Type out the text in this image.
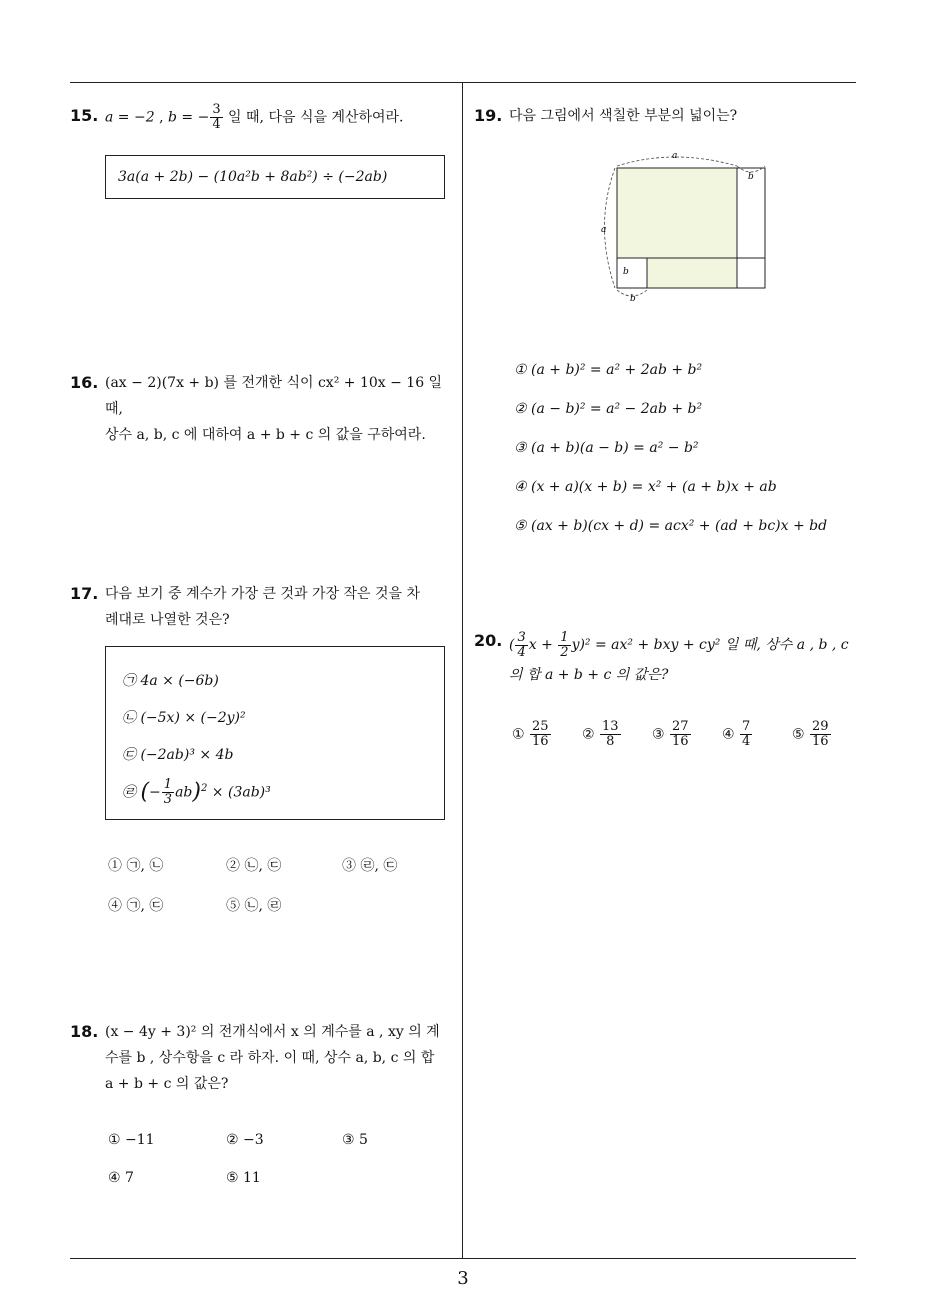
15. a = −2 , b = − $\frac{3}{4}$ 일 때, 다음 식을 계산하여라.
3a(a + 2b) − (10a²b + 8ab²) ÷ (−2ab)
16. (ax − 2)(7x + b) 를 전개한 식이 cx² + 10x − 16 일 때,
상수 a, b, c 에 대하여 a + b + c 의 값을 구하여라.
17. 다음 보기 중 계수가 가장 큰 것과 가장 작은 것을 차
례대로 나열한 것은?
㉠ 4a × (−6b)
㉡ (−5x) × (−2y)²
㉢ (−2ab)³ × 4b
㉣ (− $\frac{1}{3} ab)^2 \times (3ab)^3$
① ㉠, ㉡	② ㉡, ㉢	③ ㉣, ㉢
④ ㉠, ㉢	⑤ ㉡, ㉣
18. (x − 4y + 3)² 의 전개식에서 x 의 계수를 a , xy 의 계
수를 b , 상수항을 c 라 하자. 이 때, 상수 a, b, c 의 합
a + b + c 의 값은?
① −11	② −3	③ 5
④ 7	⑤ 11
19. 다음 그림에서 색칠한 부분의 넓이는?
a
b
a
b
b
① (a + b)² = a² + 2ab + b²
② (a − b)² = a² − 2ab + b²
③ (a + b)(a − b) = a² − b²
④ (x + a)(x + b) = x² + (a + b)x + ab
⑤ (ax + b)(cx + d) = acx² + (ad + bc)x + bd
20. ( $\frac{3}{4}$ $x + \frac{1}{2} y)^2 = ax^2$ + bxy + cy² 일 때, 상수 a , b , c
의 합 a + b + c 의 값은?
① $\frac{25}{16}$ ② $\frac{13}{8}$ ③ $\frac{27}{16}$ ④ $\frac{7}{4}$	⑤ $\frac{29}{16}$
3
